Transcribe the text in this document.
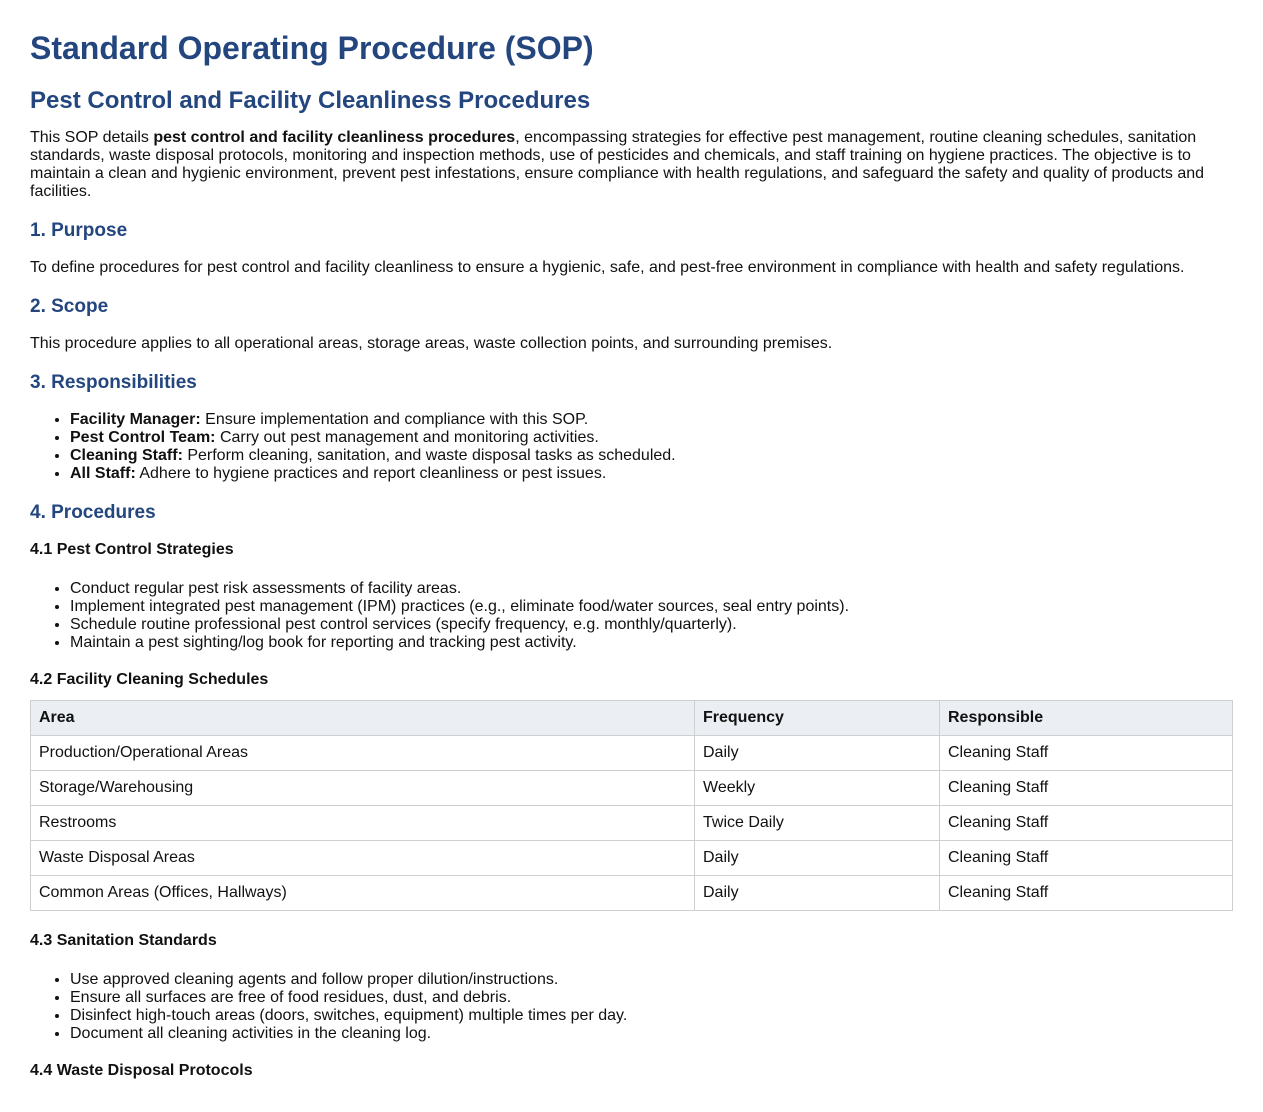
Standard Operating Procedure (SOP)
Pest Control and Facility Cleanliness Procedures

This SOP details pest control and facility cleanliness procedures, encompassing strategies for effective pest management, routine cleaning schedules, sanitation standards, waste disposal protocols, monitoring and inspection methods, use of pesticides and chemicals, and staff training on hygiene practices. The objective is to maintain a clean and hygienic environment, prevent pest infestations, ensure compliance with health regulations, and safeguard the safety and quality of products and facilities.

1. Purpose

To define procedures for pest control and facility cleanliness to ensure a hygienic, safe, and pest-free environment in compliance with health and safety regulations.

2. Scope

This procedure applies to all operational areas, storage areas, waste collection points, and surrounding premises.

3. Responsibilities
• Facility Manager: Ensure implementation and compliance with this SOP.
• Pest Control Team: Carry out pest management and monitoring activities.
• Cleaning Staff: Perform cleaning, sanitation, and waste disposal tasks as scheduled.
• All Staff: Adhere to hygiene practices and report cleanliness or pest issues.
4. Procedures
4.1 Pest Control Strategies
• Conduct regular pest risk assessments of facility areas.
• Implement integrated pest management (IPM) practices (e.g., eliminate food/water sources, seal entry points).
• Schedule routine professional pest control services (specify frequency, e.g. monthly/quarterly).
• Maintain a pest sighting/log book for reporting and tracking pest activity.
4.2 Facility Cleaning Schedules
Area	Frequency	Responsible
Production/Operational Areas	Daily	Cleaning Staff
Storage/Warehousing	Weekly	Cleaning Staff
Restrooms	Twice Daily	Cleaning Staff
Waste Disposal Areas	Daily	Cleaning Staff
Common Areas (Offices, Hallways)	Daily	Cleaning Staff
4.3 Sanitation Standards
• Use approved cleaning agents and follow proper dilution/instructions.
• Ensure all surfaces are free of food residues, dust, and debris.
• Disinfect high-touch areas (doors, switches, equipment) multiple times per day.
• Document all cleaning activities in the cleaning log.
4.4 Waste Disposal Protocols
